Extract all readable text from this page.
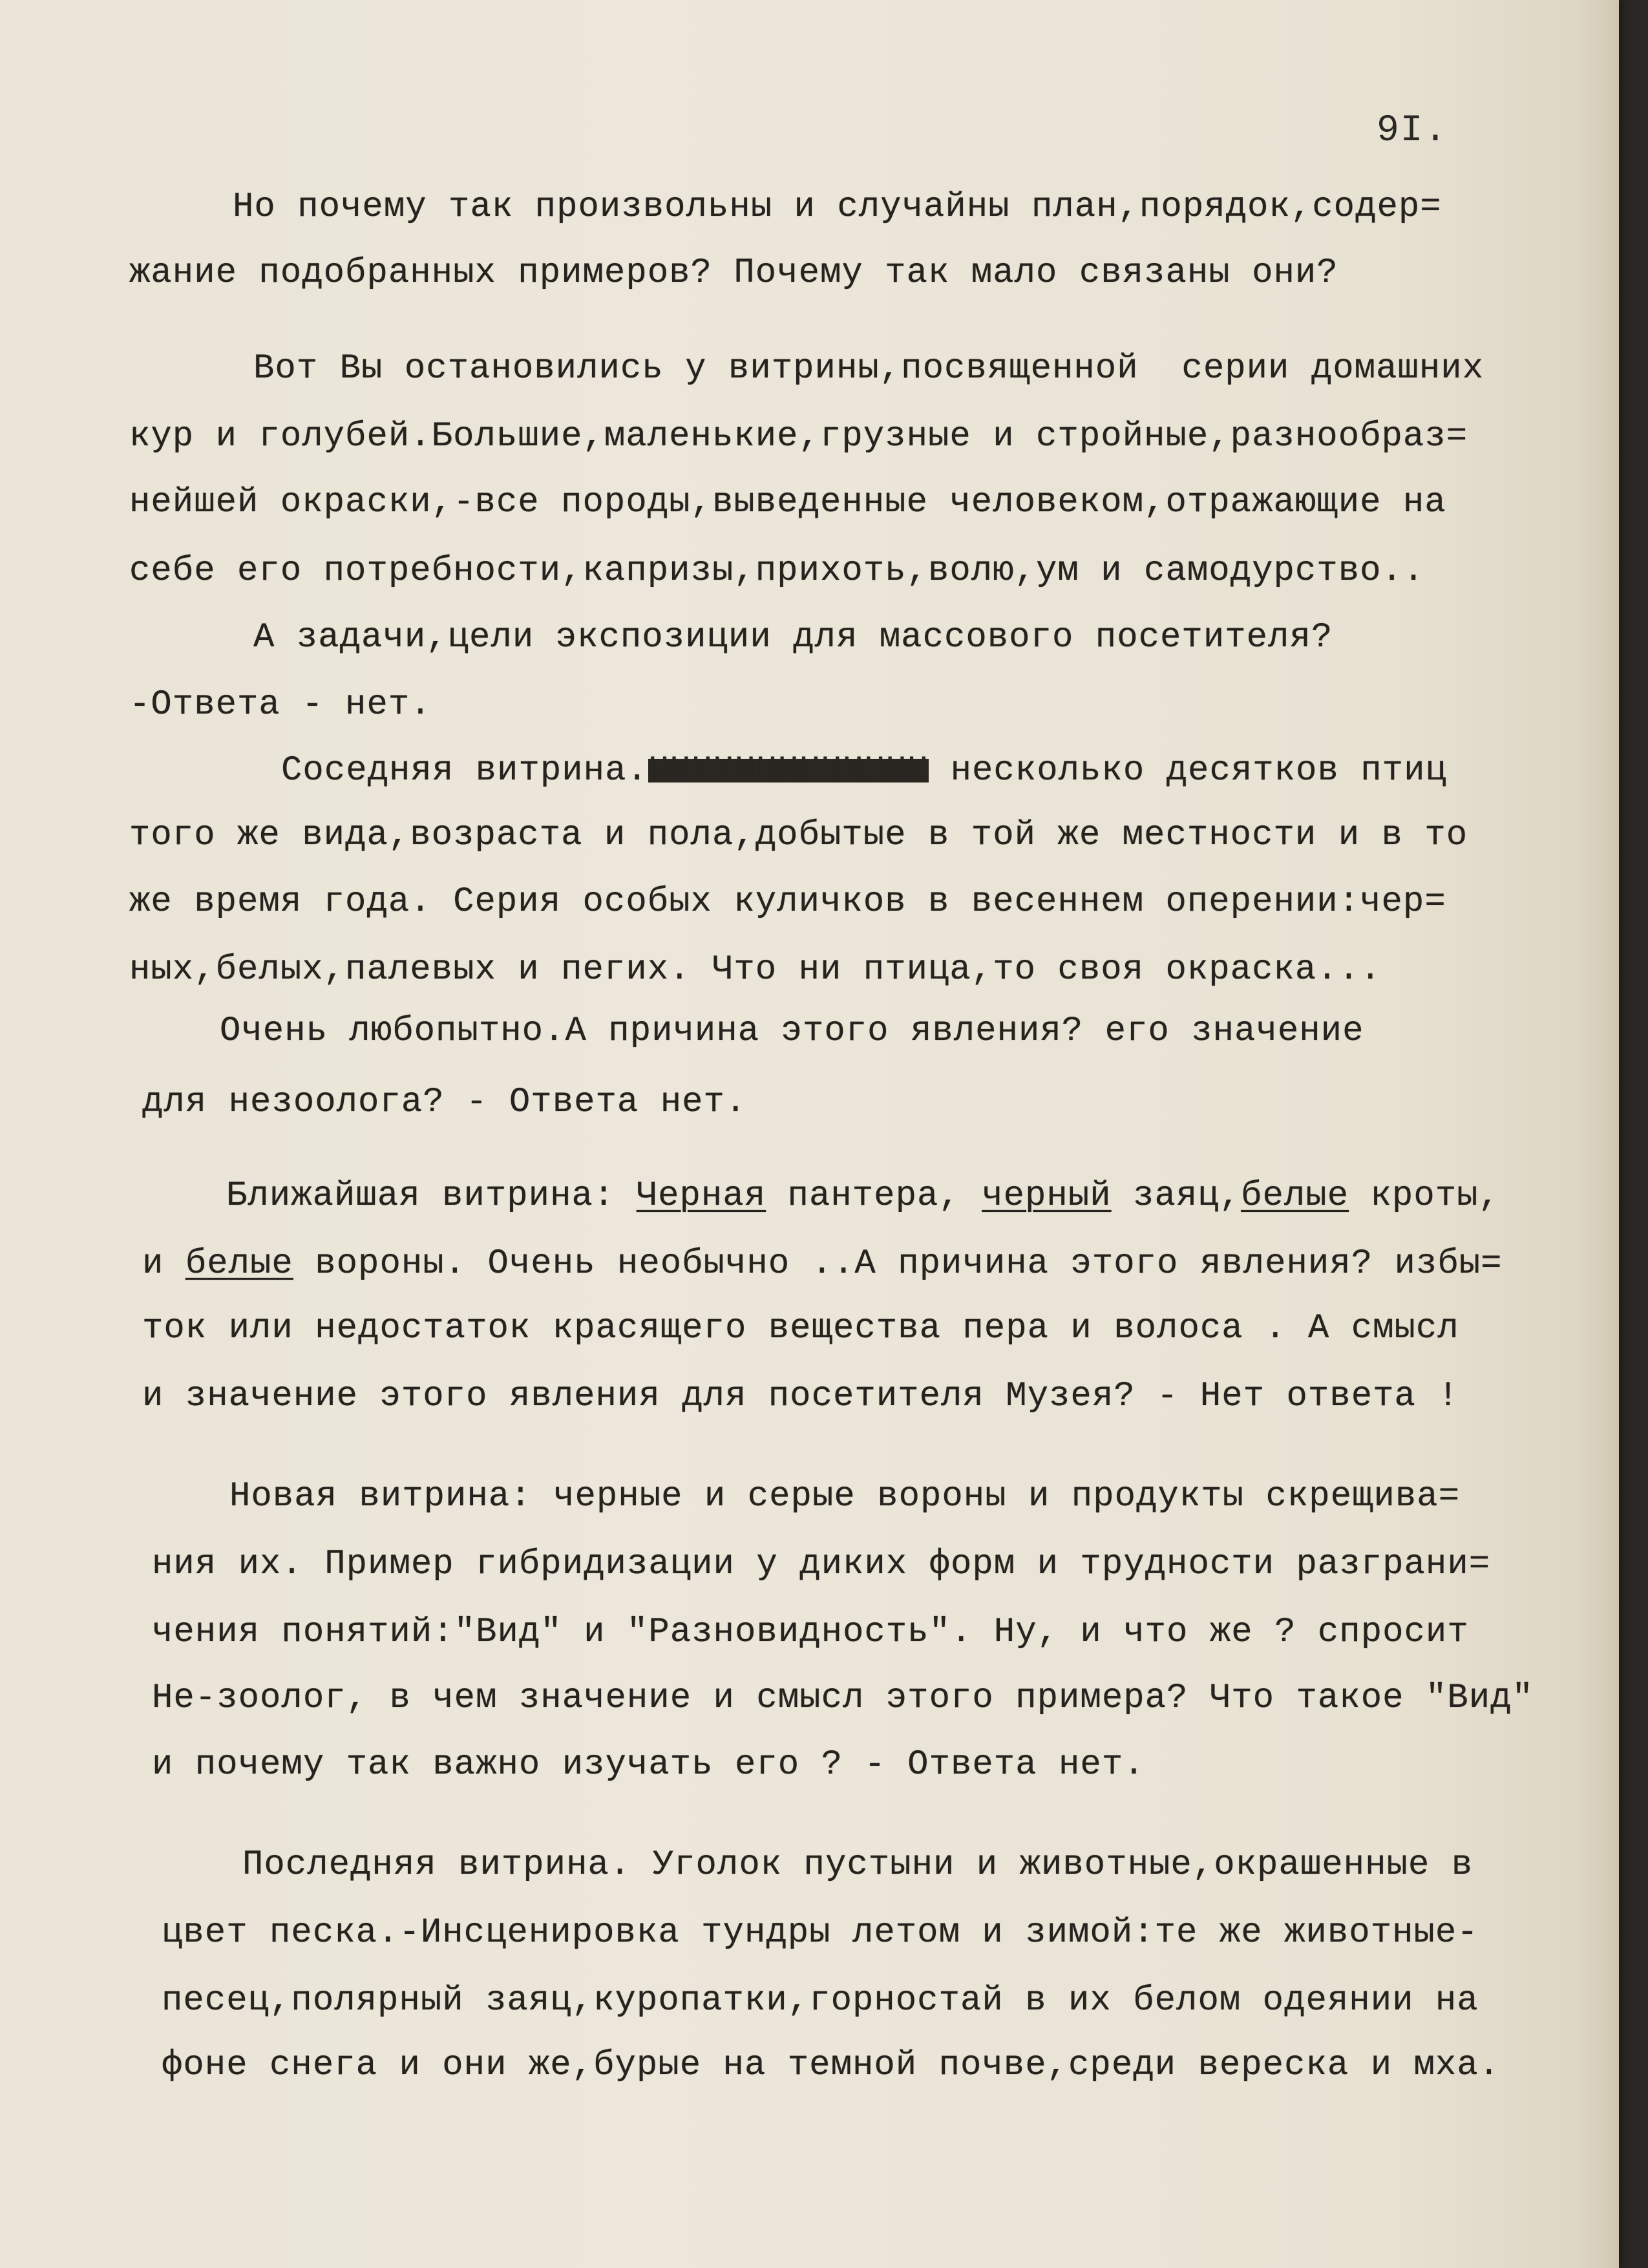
9I.
Но почему так произвольны и случайны план,порядок,содер=
жание подобранных примеров? Почему так мало связаны они?
Вот Вы остановились у витрины,посвященной  серии домашних
кур и голубей.Большие,маленькие,грузные и стройные,разнообраз=
нейшей окраски,-все породы,выведенные человеком,отражающие на
себе его потребности,капризы,прихоть,волю,ум и самодурство..
А задачи,цели экспозиции для массового посетителя?
-Ответа - нет.
Соседняя витрина.ННННННННННННН несколько десятков птиц
того же вида,возраста и пола,добытые в той же местности и в то
же время года. Серия особых куличков в весеннем оперении:чер=
ных,белых,палевых и пегих. Что ни птица,то своя окраска...
Очень любопытно.А причина этого явления? его значение
для незоолога? - Ответа нет.
Ближайшая витрина: Черная пантера, черный заяц,белые кроты,
и белые вороны. Очень необычно ..А причина этого явления? избы=
ток или недостаток красящего вещества пера и волоса . А смысл
и значение этого явления для посетителя Музея? - Нет ответа !
Новая витрина: черные и серые вороны и продукты скрещива=
ния их. Пример гибридизации у диких форм и трудности разграни=
чения понятий:"Вид" и "Разновидность". Ну, и что же ? спросит
Не-зоолог, в чем значение и смысл этого примера? Что такое "Вид"
и почему так важно изучать его ? - Ответа нет.
Последняя витрина. Уголок пустыни и животные,окрашенные в
цвет песка.-Инсценировка тундры летом и зимой:те же животные-
песец,полярный заяц,куропатки,горностай в их белом одеянии на
фоне снега и они же,бурые на темной почве,среди вереска и мха.
